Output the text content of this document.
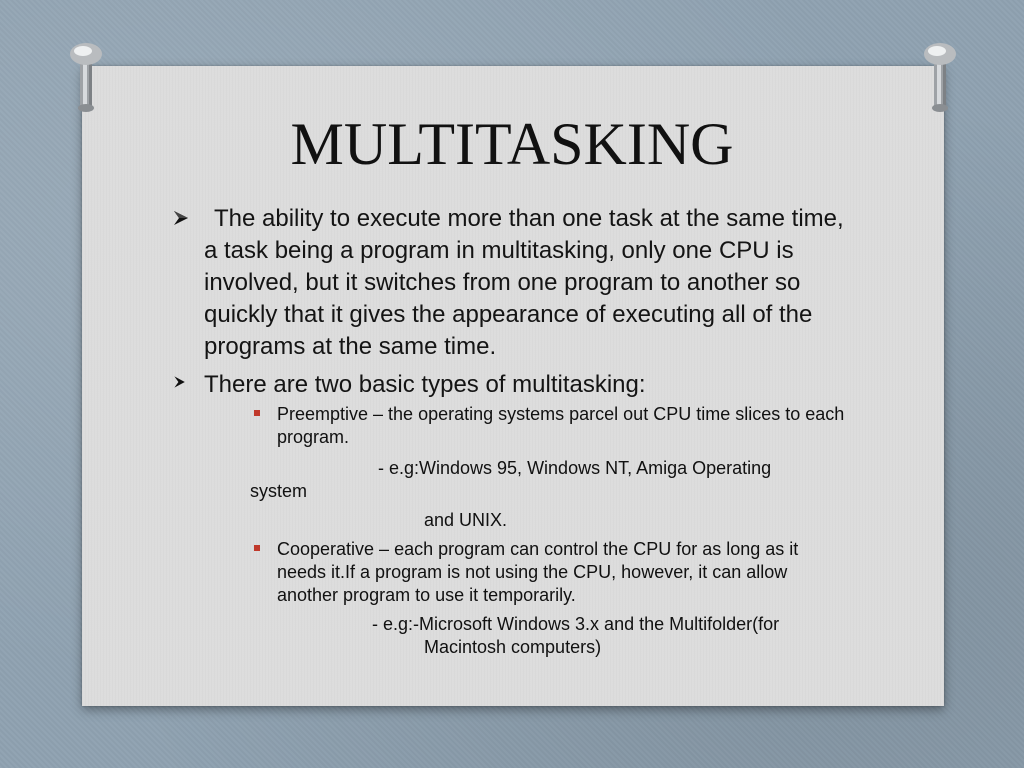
MULTITASKING
The ability to execute more than one task at the same time, a task being a program in multitasking, only one CPU is involved, but it switches from one program to another so quickly that it gives the appearance of executing all of the programs at the same time.
There are two basic types of multitasking:
Preemptive – the operating systems parcel out CPU time slices to each program.
- e.g:Windows 95, Windows NT, Amiga Operating
system
and UNIX.
Cooperative – each program can control the CPU for as long as it needs it.If a program is not using the CPU, however, it can allow another program to use it temporarily.
- e.g:-Microsoft Windows 3.x and the Multifolder(for
Macintosh computers)
